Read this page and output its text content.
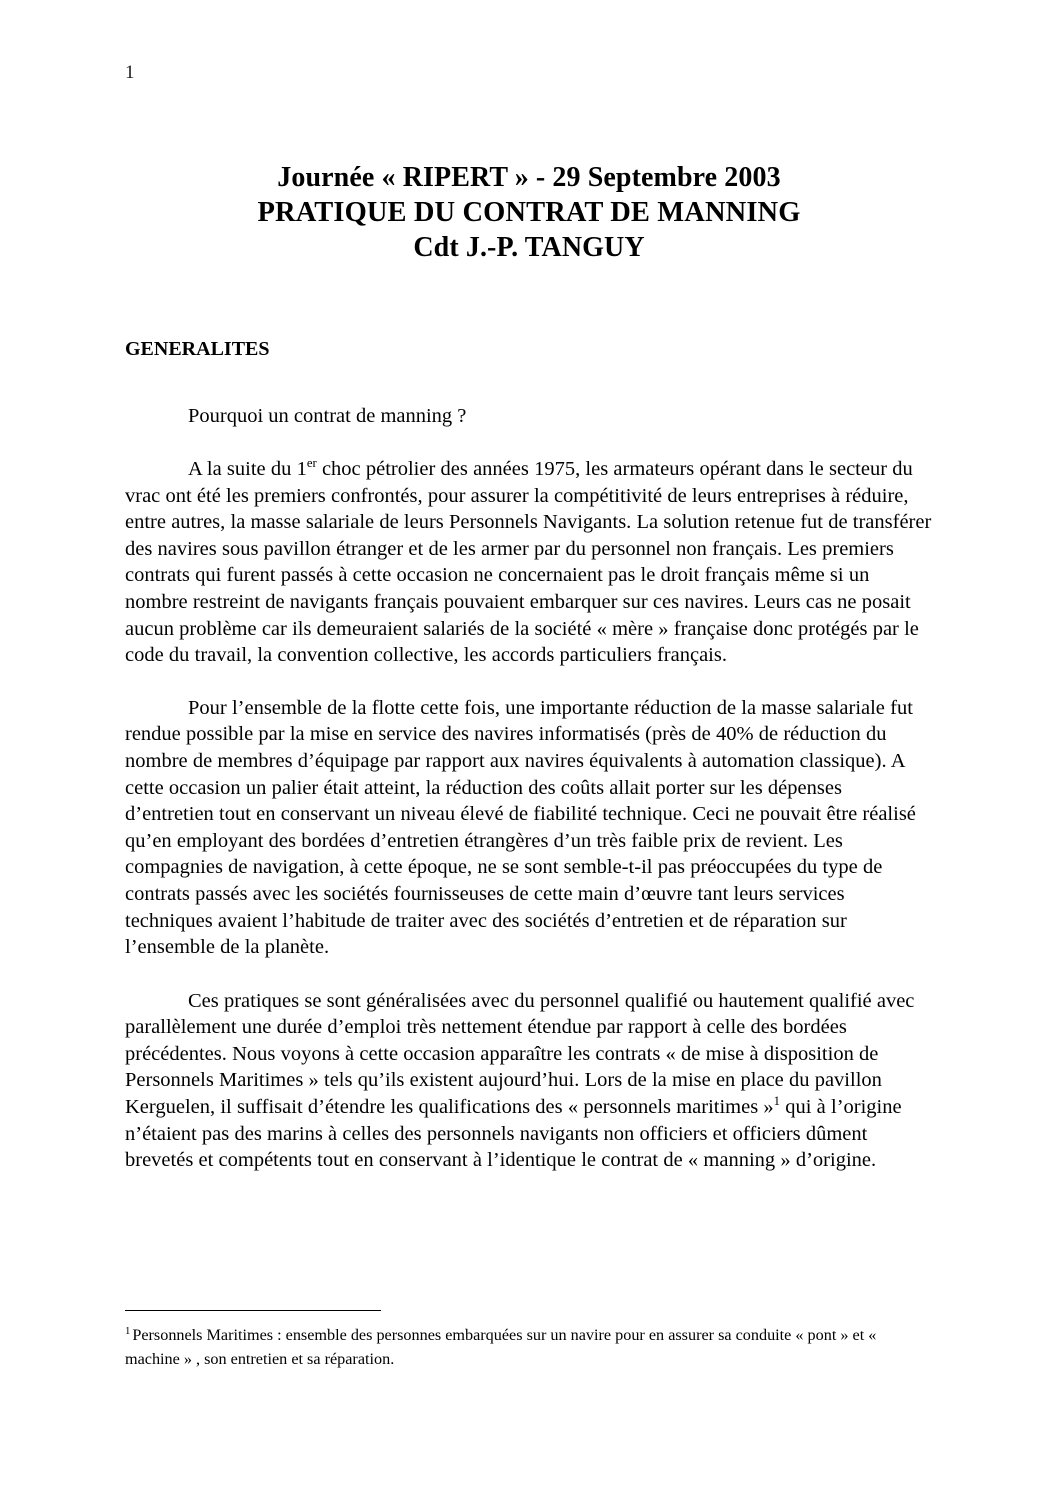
1
Journée « RIPERT » - 29 Septembre 2003
PRATIQUE DU CONTRAT DE MANNING
Cdt J.-P. TANGUY
GENERALITES
Pourquoi un contrat de manning ?

A la suite du 1er choc pétrolier des années 1975, les armateurs opérant dans le secteur du vrac ont été les premiers confrontés, pour assurer la compétitivité de leurs entreprises à réduire, entre autres, la masse salariale de leurs Personnels Navigants. La solution retenue fut de transférer des navires sous pavillon étranger et de les armer par du personnel non français. Les premiers contrats qui furent passés à cette occasion ne concernaient pas le droit français même si un nombre restreint de navigants français pouvaient embarquer sur ces navires. Leurs cas ne posait aucun problème car ils demeuraient salariés de la société « mère » française donc protégés par le code du travail, la convention collective, les accords particuliers français.

Pour l’ensemble de la flotte cette fois, une importante réduction de la masse salariale fut rendue possible par la mise en service des navires informatisés (près de 40% de réduction du nombre de membres d’équipage par rapport aux navires équivalents à automation classique). A cette occasion un palier était atteint, la réduction des coûts allait porter sur les dépenses d’entretien tout en conservant un niveau élevé de fiabilité technique. Ceci ne pouvait être réalisé qu’en employant des bordées d’entretien étrangères d’un très faible prix de revient. Les compagnies de navigation, à cette époque, ne se sont semble-t-il pas préoccupées du type de contrats passés avec les sociétés fournisseuses de cette main d’œuvre tant leurs services techniques avaient l’habitude de traiter avec des sociétés d’entretien et de réparation sur l’ensemble de la planète.

Ces pratiques se sont généralisées avec du personnel qualifié ou hautement qualifié avec parallèlement une durée d’emploi très nettement étendue par rapport à celle des bordées précédentes. Nous voyons à cette occasion apparaître les contrats « de mise à disposition de Personnels Maritimes » tels qu’ils existent aujourd’hui. Lors de la mise en place du pavillon Kerguelen, il suffisait d’étendre les qualifications des « personnels maritimes »$^1$ qui à l’origine n’étaient pas des marins à celles des personnels navigants non officiers et officiers dûment brevetés et compétents tout en conservant à l’identique le contrat de « manning » d’origine.

$^1$ Personnels Maritimes : ensemble des personnes embarquées sur un navire pour en assurer sa conduite « pont » et « machine » , son entretien et sa réparation.
